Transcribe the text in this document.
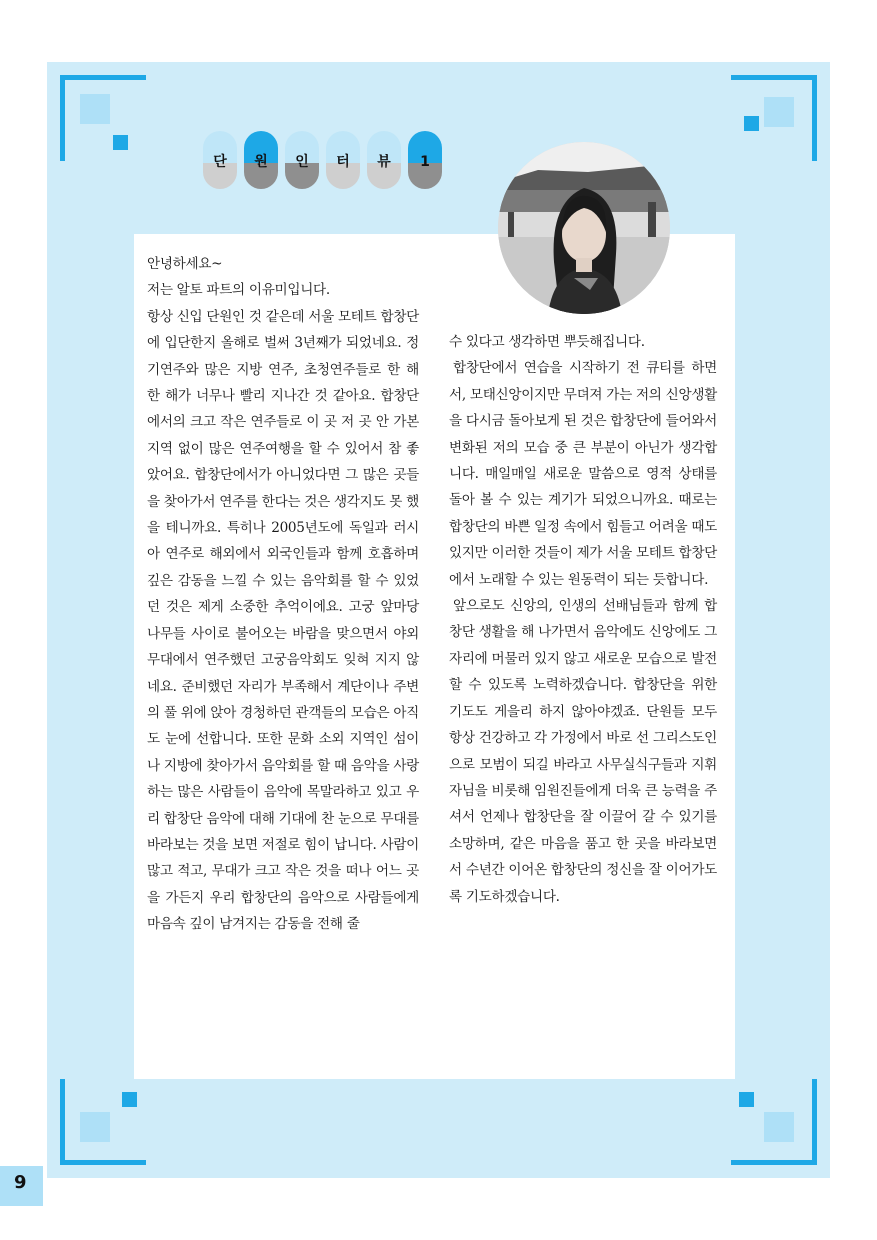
단	원	인	터	뷰	1

안녕하세요~

저는 알토 파트의 이유미입니다.

항상 신입 단원인 것 같은데 서울 모테트 합창단에 입단한지 올해로 벌써 3년째가 되었네요. 정기연주와 많은 지방 연주, 초청연주들로 한 해 한 해가 너무나 빨리 지나간 것 같아요. 합창단에서의 크고 작은 연주들로 이 곳 저 곳 안 가본 지역 없이 많은 연주여행을 할 수 있어서 참 좋았어요. 합창단에서가 아니었다면 그 많은 곳들을 찾아가서 연주를 한다는 것은 생각지도 못 했을 테니까요. 특히나 2005년도에 독일과 러시아 연주로 해외에서 외국인들과 함께 호흡하며 깊은 감동을 느낄 수 있는 음악회를 할 수 있었던 것은 제게 소중한 추억이에요. 고궁 앞마당 나무들 사이로 불어오는 바람을 맞으면서 야외무대에서 연주했던 고궁음악회도 잊혀 지지 않네요. 준비했던 자리가 부족해서 계단이나 주변의 풀 위에 앉아 경청하던 관객들의 모습은 아직도 눈에 선합니다. 또한 문화 소외 지역인 섬이나 지방에 찾아가서 음악회를 할 때 음악을 사랑하는 많은 사람들이 음악에 목말라하고 있고 우리 합창단 음악에 대해 기대에 찬 눈으로 무대를 바라보는 것을 보면 저절로 힘이 납니다. 사람이 많고 적고, 무대가 크고 작은 것을 떠나 어느 곳을 가든지 우리 합창단의 음악으로 사람들에게 마음속 깊이 남겨지는 감동을 전해 줄

수 있다고 생각하면 뿌듯해집니다.

합창단에서 연습을 시작하기 전 큐티를 하면서, 모태신앙이지만 무뎌져 가는 저의 신앙생활을 다시금 돌아보게 된 것은 합창단에 들어와서 변화된 저의 모습 중 큰 부분이 아닌가 생각합니다. 매일매일 새로운 말씀으로 영적 상태를 돌아 볼 수 있는 계기가 되었으니까요. 때로는 합창단의 바쁜 일정 속에서 힘들고 어려울 때도 있지만 이러한 것들이 제가 서울 모테트 합창단에서 노래할 수 있는 원동력이 되는 듯합니다.

앞으로도 신앙의, 인생의 선배님들과 함께 합창단 생활을 해 나가면서 음악에도 신앙에도 그 자리에 머물러 있지 않고 새로운 모습으로 발전 할 수 있도록 노력하겠습니다. 합창단을 위한 기도도 게을리 하지 않아야겠죠. 단원들 모두 항상 건강하고 각 가정에서 바로 선 그리스도인으로 모범이 되길 바라고 사무실식구들과 지휘자님을 비롯해 임원진들에게 더욱 큰 능력을 주셔서 언제나 합창단을 잘 이끌어 갈 수 있기를 소망하며, 같은 마음을 품고 한 곳을 바라보면서 수년간 이어온 합창단의 정신을 잘 이어가도록 기도하겠습니다.

9
